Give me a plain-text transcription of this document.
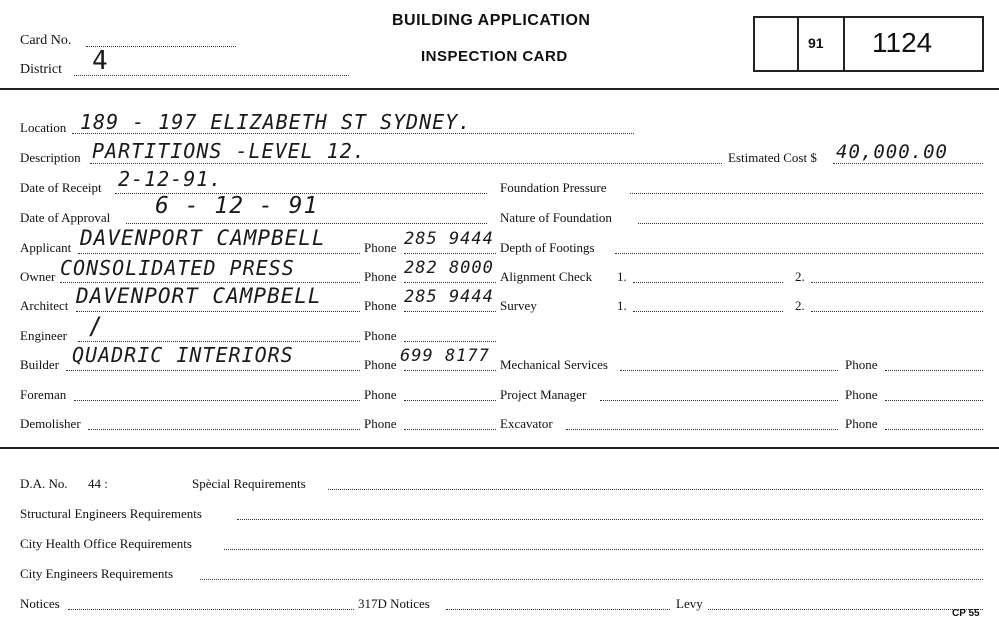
Card No.
District 4
BUILDING APPLICATION
INSPECTION CARD
91 1124
Location 189 - 197 ELIZABETH ST SYDNEY.
Description PARTITIONS -LEVEL 12.	Estimated Cost $ 40,000.00
Date of Receipt 2-12-91.	Foundation Pressure
Date of Approval 6 - 12 - 91	Nature of Foundation
Applicant DAVENPORT CAMPBELL	Phone 285 9444 Depth of Footings
Owner CONSOLIDATED PRESS	Phone 282 8000 Alignment Check 1.	2.
Architect DAVENPORT CAMPBELL	Phone 285 9444 Survey	1.	2.
Engineer /	Phone
Builder QUADRIC INTERIORS	Phone 699 8177 Mechanical Services	Phone
Foreman	Phone	Project Manager	Phone
Demolisher	Phone	Excavator	Phone
D.A. No. 44 :	Spècial Requirements
Structural Engineers Requirements
City Health Office Requirements
City Engineers Requirements
Notices	317D Notices	Levy
CP 55
